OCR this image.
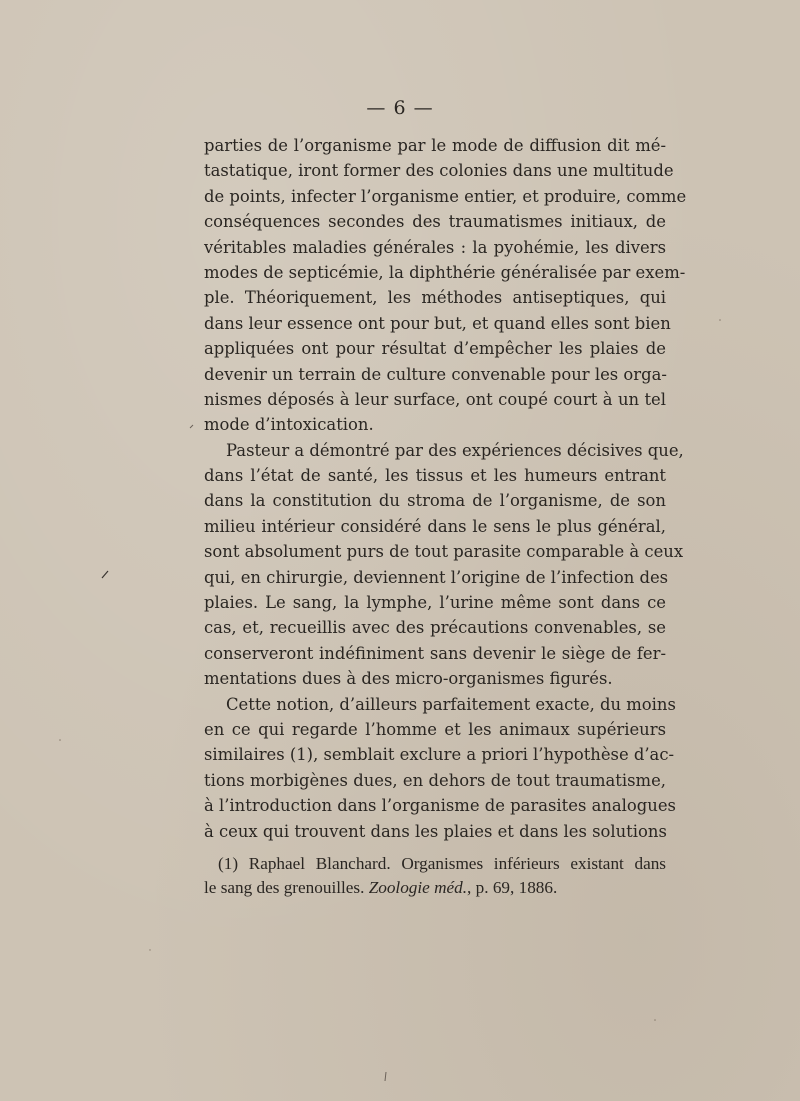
— 6 —
parties de l’organisme par le mode de diffusion dit mé-
tastatique, iront former des colonies dans une multitude
de points, infecter l’organisme entier, et produire, comme
conséquences secondes des traumatismes initiaux, de
véritables maladies générales : la pyohémie, les divers
modes de septicémie, la diphthérie généralisée par exem-
ple. Théoriquement, les méthodes antiseptiques, qui
dans leur essence ont pour but, et quand elles sont bien
appliquées ont pour résultat d’empêcher les plaies de
devenir un terrain de culture convenable pour les orga-
nismes déposés à leur surface, ont coupé court à un tel
mode d’intoxication.
Pasteur a démontré par des expériences décisives que,
dans l’état de santé, les tissus et les humeurs entrant
dans la constitution du stroma de l’organisme, de son
milieu intérieur considéré dans le sens le plus général,
sont absolument purs de tout parasite comparable à ceux
qui, en chirurgie, deviennent l’origine de l’infection des
plaies. Le sang, la lymphe, l’urine même sont dans ce
cas, et, recueillis avec des précautions convenables, se
conserveront indéfiniment sans devenir le siège de fer-
mentations dues à des micro-organismes figurés.
Cette notion, d’ailleurs parfaitement exacte, du moins
en ce qui regarde l’homme et les animaux supérieurs
similaires (1), semblait exclure a priori l’hypothèse d’ac-
tions morbigènes dues, en dehors de tout traumatisme,
à l’introduction dans l’organisme de parasites analogues
à ceux qui trouvent dans les plaies et dans les solutions
(1) Raphael Blanchard. Organismes inférieurs existant dans
le sang des grenouilles. Zoologie méd., p. 69, 1886.
